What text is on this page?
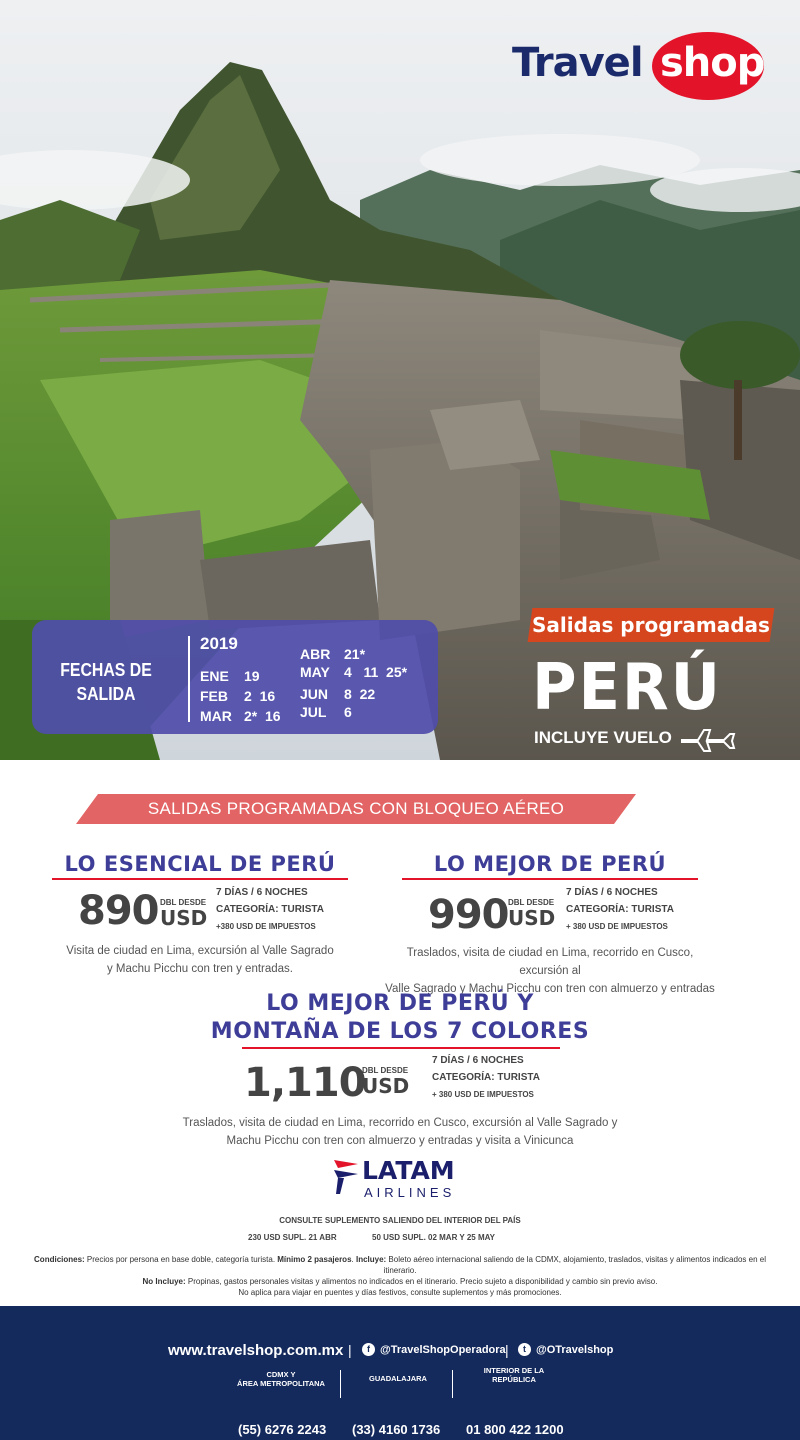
Travel shop
FECHAS DE SALIDA
2019
ENE 19
FEB 2  16
MAR 2*  16
ABR 21*
MAY 4   11  25*
JUN 8  22
JUL 6
Salidas programadas
PERÚ
INCLUYE VUELO
SALIDAS PROGRAMADAS CON BLOQUEO AÉREO
LO ESENCIAL DE PERÚ
890 DBL DESDE
USD
7 DÍAS / 6 NOCHES
CATEGORÍA: TURISTA
+380 USD DE IMPUESTOS
Visita de ciudad en Lima, excursión al Valle Sagrado
y Machu Picchu con tren y entradas.
LO MEJOR DE PERÚ
990 DBL DESDE
USD
7 DÍAS / 6 NOCHES
CATEGORÍA: TURISTA
+ 380 USD DE IMPUESTOS
Traslados, visita de ciudad en Lima, recorrido en Cusco, excursión al
Valle Sagrado y Machu Picchu con tren con almuerzo y entradas
LO MEJOR DE PERÚ Y
MONTAÑA DE LOS 7 COLORES
1,110
DBL DESDE
USD
7 DÍAS / 6 NOCHES
CATEGORÍA: TURISTA
+ 380 USD DE IMPUESTOS
Traslados, visita de ciudad en Lima, recorrido en Cusco, excursión al Valle Sagrado y
Machu Picchu con tren con almuerzo y entradas y visita a Vinicunca
LATAM
AIRLINES
CONSULTE SUPLEMENTO SALIENDO DEL INTERIOR DEL PAÍS
230 USD SUPL. 21 ABR	50 USD SUPL. 02 MAR Y 25 MAY
Condiciones: Precios por persona en base doble, categoría turista. Mínimo 2 pasajeros. Incluye: Boleto aéreo internacional saliendo de la CDMX, alojamiento, traslados, visitas y alimentos indicados en el itinerario.
No Incluye: Propinas, gastos personales visitas y alimentos no indicados en el itinerario. Precio sujeto a disponibilidad y cambio sin previo aviso.
No aplica para viajar en puentes y días festivos, consulte suplementos y más promociones.
www.travelshop.com.mx |	f @TravelShopOperadora |	t @OTravelshop
CDMX Y
ÁREA METROPOLITANA
GUADALAJARA
INTERIOR DE LA
REPÚBLICA
(55) 6276 2243 (33) 4160 1736 01 800 422 1200
